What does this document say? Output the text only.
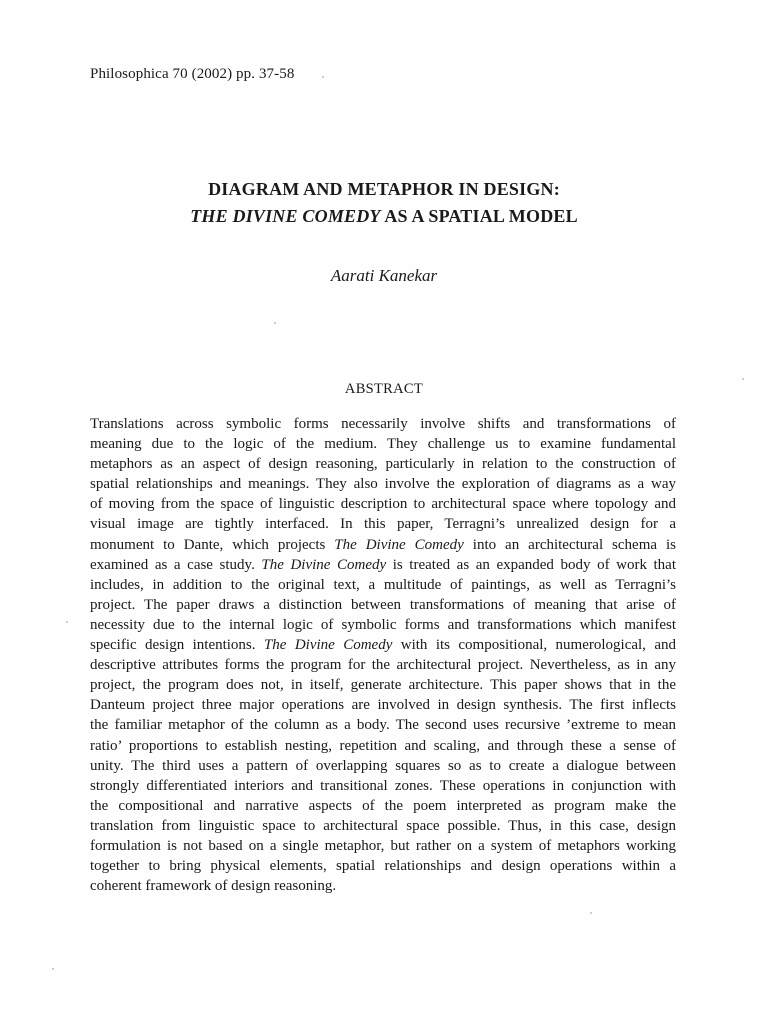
Philosophica 70 (2002) pp. 37-58
DIAGRAM AND METAPHOR IN DESIGN:
THE DIVINE COMEDY AS A SPATIAL MODEL
Aarati Kanekar
ABSTRACT
Translations across symbolic forms necessarily involve shifts and transformations of
meaning due to the logic of the medium. They challenge us to examine fundamental
metaphors as an aspect of design reasoning, particularly in relation to the construction of
spatial relationships and meanings. They also involve the exploration of diagrams as a way
of moving from the space of linguistic description to architectural space where topology and
visual image are tightly interfaced. In this paper, Terragni’s unrealized design for a
monument to Dante, which projects The Divine Comedy into an architectural schema is
examined as a case study. The Divine Comedy is treated as an expanded body of work that
includes, in addition to the original text, a multitude of paintings, as well as Terragni’s
project. The paper draws a distinction between transformations of meaning that arise of
necessity due to the internal logic of symbolic forms and transformations which manifest
specific design intentions. The Divine Comedy with its compositional, numerological, and
descriptive attributes forms the program for the architectural project. Nevertheless, as in any
project, the program does not, in itself, generate architecture. This paper shows that in the
Danteum project three major operations are involved in design synthesis. The first inflects
the familiar metaphor of the column as a body. The second uses recursive ’extreme to mean
ratio’ proportions to establish nesting, repetition and scaling, and through these a sense of
unity. The third uses a pattern of overlapping squares so as to create a dialogue between
strongly differentiated interiors and transitional zones. These operations in conjunction with
the compositional and narrative aspects of the poem interpreted as program make the
translation from linguistic space to architectural space possible. Thus, in this case, design
formulation is not based on a single metaphor, but rather on a system of metaphors working
together to bring physical elements, spatial relationships and design operations within a
coherent framework of design reasoning.
